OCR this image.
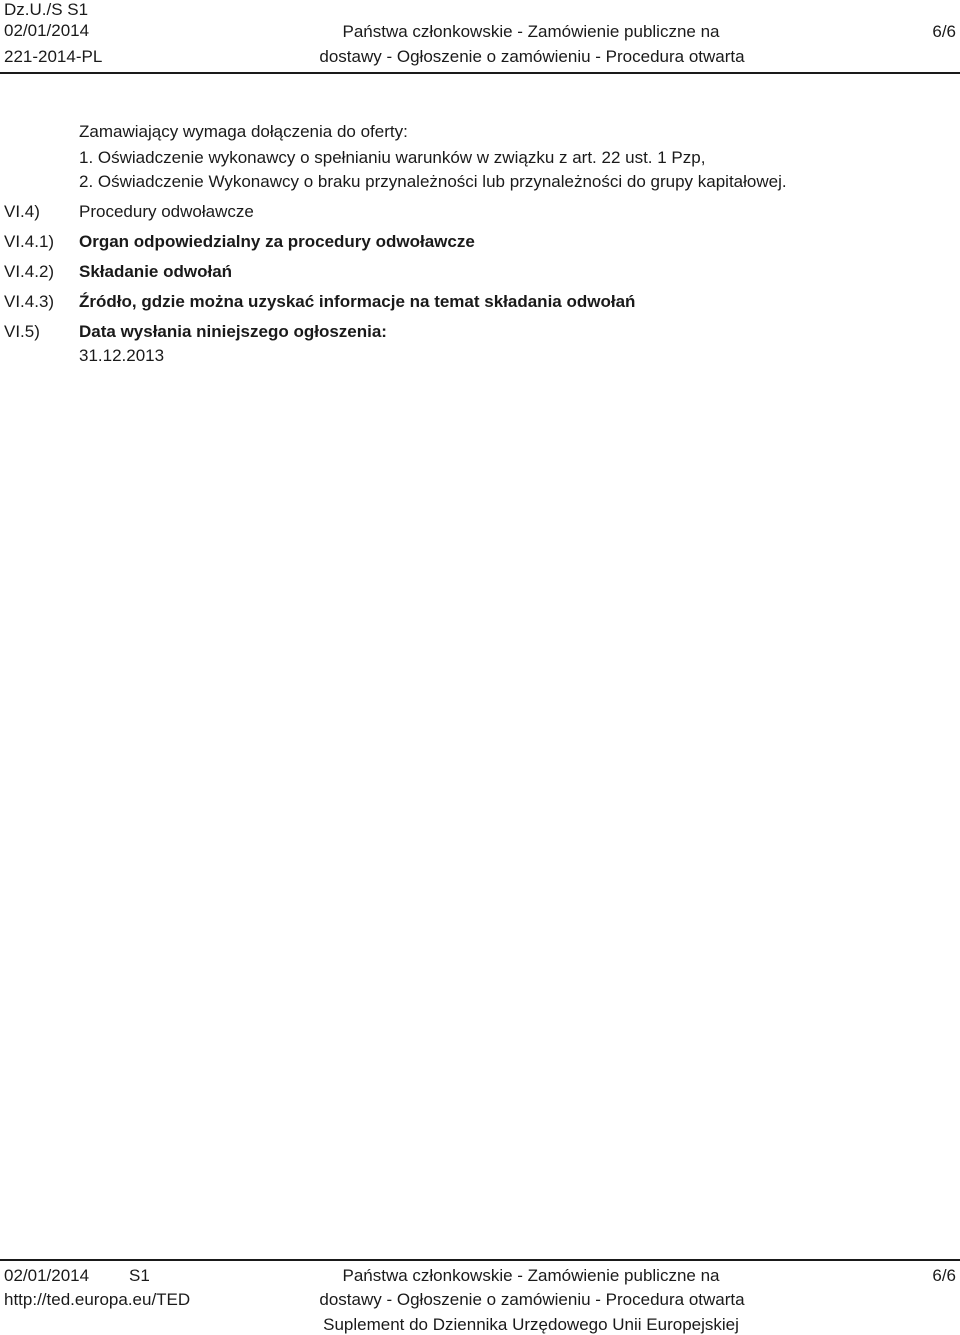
Dz.U./S S1
02/01/2014
221-2014-PL
Państwa członkowskie - Zamówienie publiczne na
dostawy - Ogłoszenie o zamówieniu - Procedura otwarta
6/6
Zamawiający wymaga dołączenia do oferty:
1. Oświadczenie wykonawcy o spełnianiu warunków w związku z art. 22 ust. 1 Pzp,
2. Oświadczenie Wykonawcy o braku przynależności lub przynależności do grupy kapitałowej.
VI.4) Procedury odwoławcze
VI.4.1) Organ odpowiedzialny za procedury odwoławcze
VI.4.2) Składanie odwołań
VI.4.3) Źródło, gdzie można uzyskać informacje na temat składania odwołań
VI.5) Data wysłania niniejszego ogłoszenia:
31.12.2013
02/01/2014 S1
http://ted.europa.eu/TED
Państwa członkowskie - Zamówienie publiczne na
dostawy - Ogłoszenie o zamówieniu - Procedura otwarta
Suplement do Dziennika Urzędowego Unii Europejskiej
6/6
